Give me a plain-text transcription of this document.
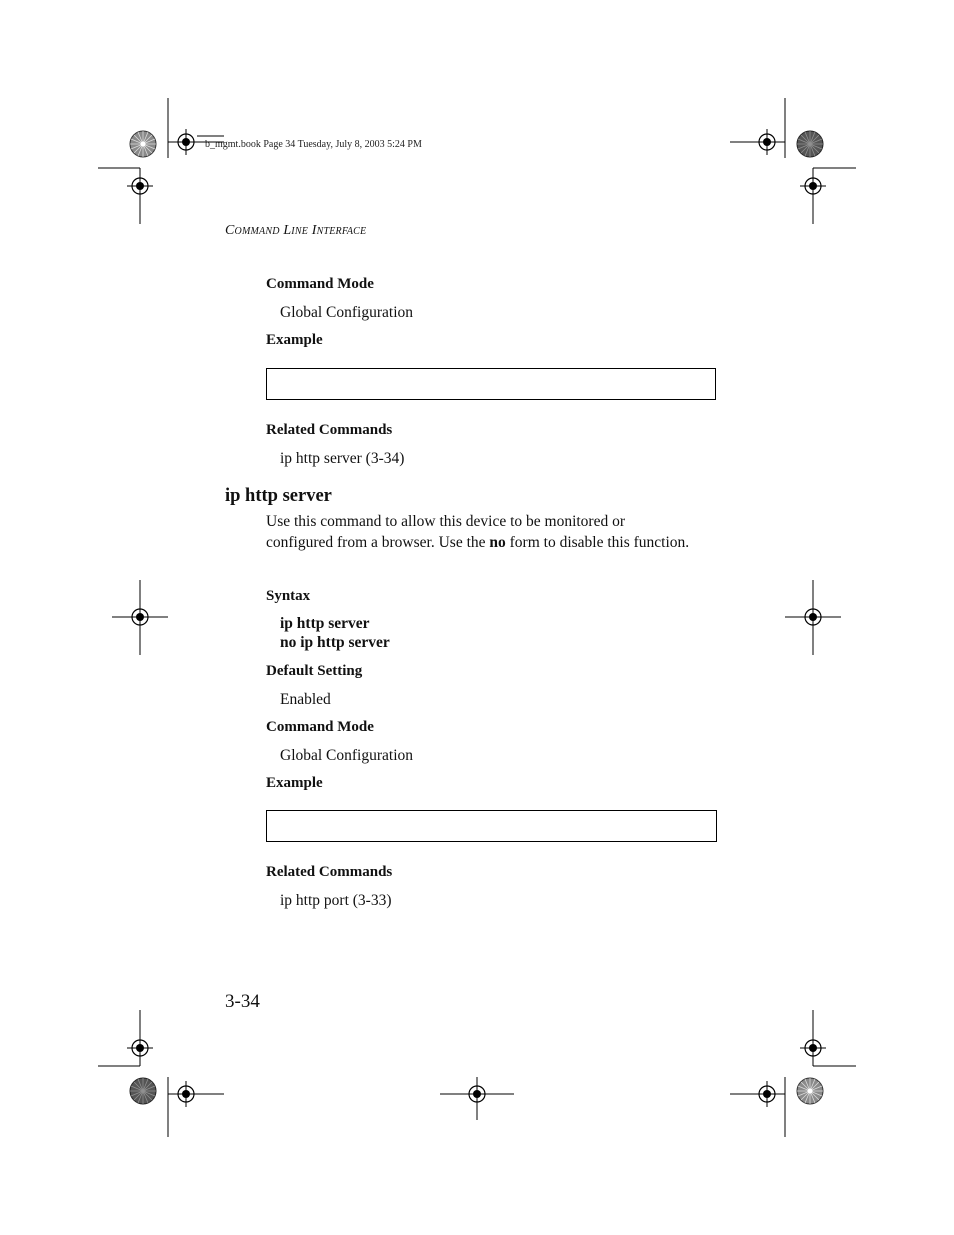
b_mgmt.book Page 34 Tuesday, July 8, 2003 5:24 PM
Command Line Interface
Command Mode
Global Configuration
Example
Related Commands
ip http server (3-34)
ip http server
Use this command to allow this device to be monitored or configured from a browser. Use the no form to disable this function.
Syntax
ip http server
no ip http server
Default Setting
Enabled
Command Mode
Global Configuration
Example
Related Commands
ip http port (3-33)
3-34
